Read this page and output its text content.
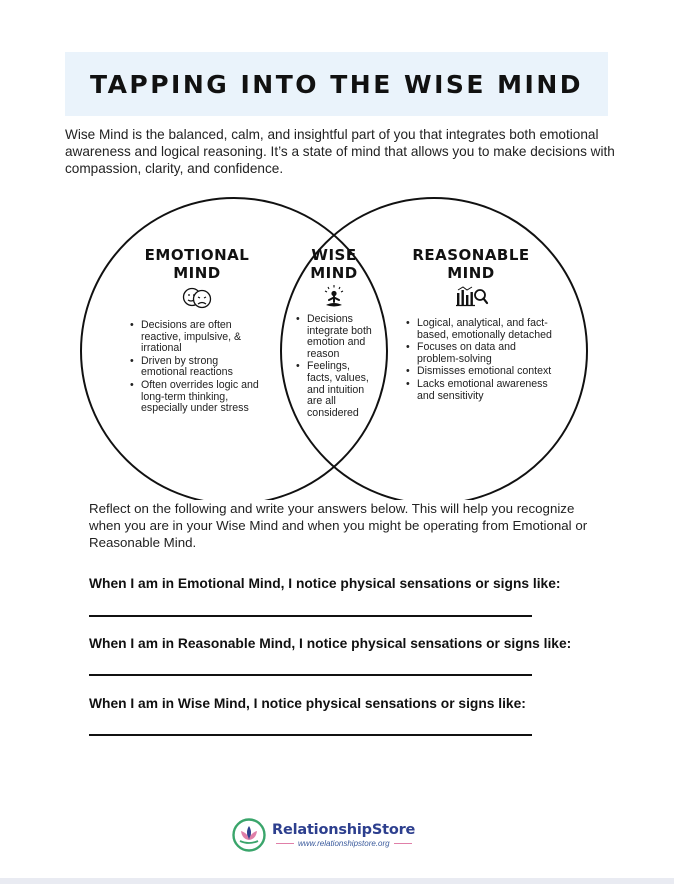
TAPPING INTO THE WISE MIND

Wise Mind is the balanced, calm, and insightful part of you that integrates both emotional awareness and logical reasoning. It’s a state of mind that allows you to make decisions with compassion, clarity, and confidence.

EMOTIONAL
MIND
• Decisions are often reactive, impulsive, & irrational
• Driven by strong emotional reactions
• Often overrides logic and long-term thinking, especially under stress
WISE
MIND
• Decisions integrate both emotion and reason
• Feelings, facts, values, and intuition are all considered
REASONABLE
MIND
• Logical, analytical, and fact-based, emotionally detached
• Focuses on data and problem-solving
• Dismisses emotional context
• Lacks emotional awareness and sensitivity

Reflect on the following and write your answers below. This will help you recognize when you are in your Wise Mind and when you might be operating from Emotional or Reasonable Mind.

When I am in Emotional Mind, I notice physical sensations or signs like:

When I am in Reasonable Mind, I notice physical sensations or signs like:

When I am in Wise Mind, I notice physical sensations or signs like:

RelationshipStore
www.relationshipstore.org
